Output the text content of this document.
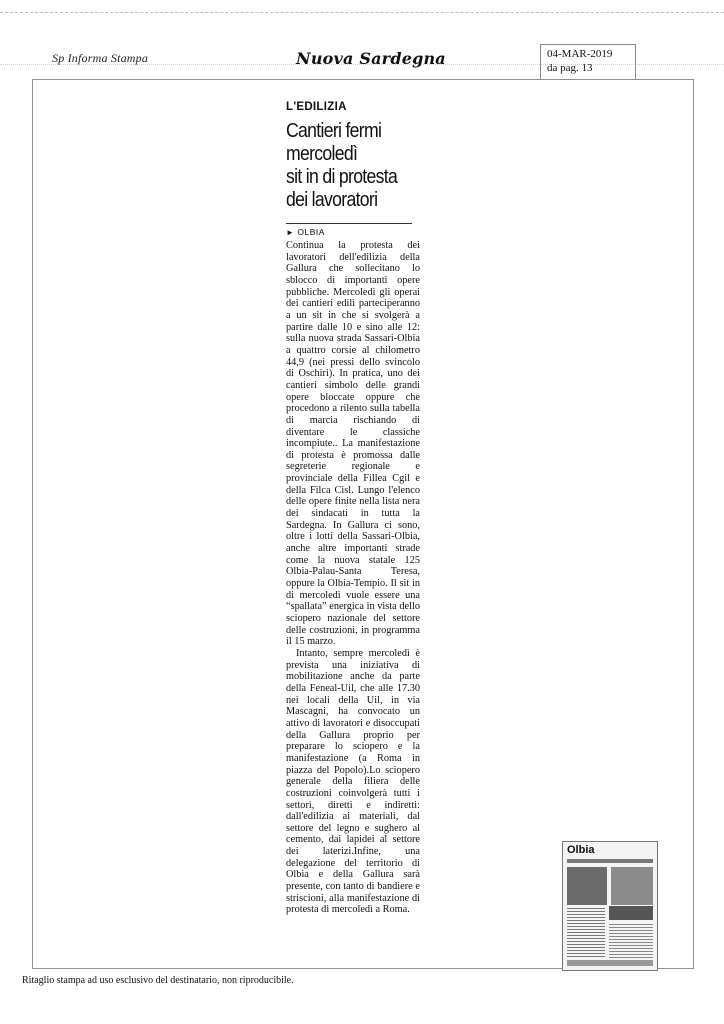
Sp Informa Stampa	Nuova Sardegna	04-MAR-2019
da pag. 13
L'EDILIZIA
Cantieri fermi
mercoledì
sit in di protesta
dei lavoratori
► OLBIA

Continua la protesta dei lavoratori dell'edilizia della Gallura che sollecitano lo sblocco di importanti opere pubbliche. Mercoledì gli operai dei cantieri edili parteciperanno a un sit in che si svolgerà a partire dalle 10 e sino alle 12: sulla nuova strada Sassari-Olbia a quattro corsie al chilometro 44,9 (nei pressi dello svincolo di Oschiri). In pratica, uno dei cantieri simbolo delle grandi opere bloccate oppure che procedono a rilento sulla tabella di marcia rischiando di diventare le classiche incompiute.. La manifestazione di protesta è promossa dalle segreterie regionale e provinciale della Fillea Cgil e della Filca Cisl. Lungo l'elenco delle opere finite nella lista nera dei sindacati in tutta la Sardegna. In Gallura ci sono, oltre i lotti della Sassari-Olbia, anche altre importanti strade come la nuova statale 125 Olbia-Palau-Santa Teresa, oppure la Olbia-Tempio. Il sit in di mercoledì vuole essere una “spallata” energica in vista dello sciopero nazionale del settore delle costruzioni, in programma il 15 marzo.

Intanto, sempre mercoledì è prevista una iniziativa di mobilitazione anche da parte della Feneal-Uil, che alle 17.30 nei locali della Uil, in via Mascagni, ha convocato un attivo di lavoratori e disoccupati della Gallura proprio per preparare lo sciopero e la manifestazione (a Roma in piazza del Popolo).Lo sciopero generale della filiera delle costruzioni coinvolgerà tutti i settori, diretti e indiretti: dall'edilizia ai materiali, dal settore del legno e sughero al cemento, dai lapidei al settore dei laterizi.Infine, una delegazione del territorio di Olbia e della Gallura sarà presente, con tanto di bandiere e striscioni, alla manifestazione di protesta di mercoledì a Roma.

Olbia
Ritaglio stampa ad uso esclusivo del destinatario, non riproducibile.
